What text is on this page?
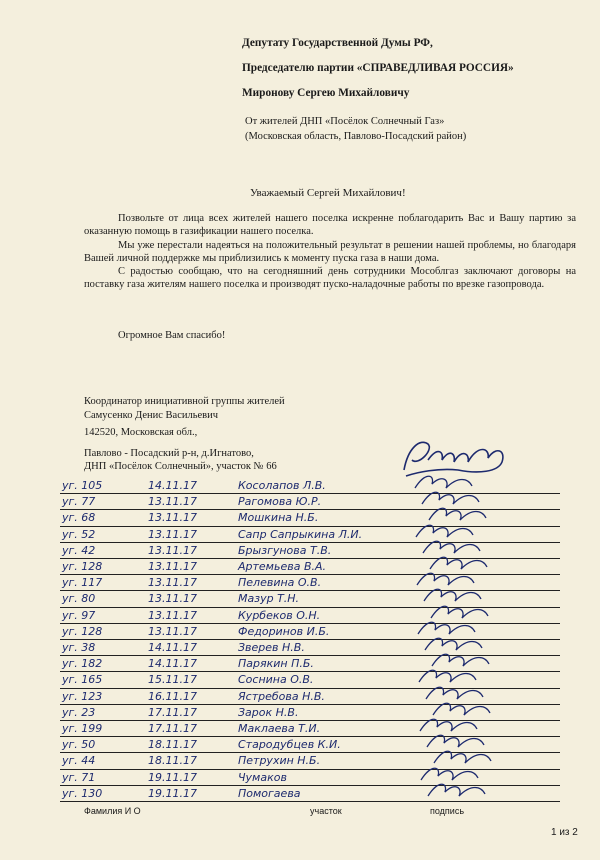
Депутату Государственной Думы РФ,
Председателю партии «СПРАВЕДЛИВАЯ РОССИЯ»
Миронову Сергею Михайловичу
От жителей ДНП «Посёлок Солнечный Газ»
(Московская область, Павлово-Посадский район)
Уважаемый Сергей Михайлович!

Позвольте от лица всех жителей нашего поселка искренне поблагодарить Вас и Вашу партию за оказанную помощь в газификации нашего поселка.

Мы уже перестали надеяться на положительный результат в решении нашей проблемы, но благодаря Вашей личной поддержке мы приблизились к моменту пуска газа в наши дома.

С радостью сообщаю, что на сегодняшний день сотрудники Мособлгаз заключают договоры на поставку газа жителям нашего поселка и производят пуско-наладочные работы по врезке газопровода.

Огромное Вам спасибо!
Координатор инициативной группы жителей
Самусенко Денис Васильевич
142520, Московская обл.,
Павлово - Посадский р-н, д.Игнатово,
ДНП «Посёлок Солнечный», участок № 66
уг. 105	14.11.17	Косолапов Л.В.
уг. 77	13.11.17	Рагомова Ю.Р.
уг. 68	13.11.17	Мошкина Н.Б.
уг. 52	13.11.17	Сапр Сапрыкина Л.И.
уг. 42	13.11.17	Брызгунова Т.В.
уг. 128	13.11.17	Артемьева В.А.
уг. 117	13.11.17	Пелевина О.В.
уг. 80	13.11.17	Мазур Т.Н.
уг. 97	13.11.17	Курбеков О.Н.
уг. 128	13.11.17	Федоринов И.Б.
уг. 38	14.11.17	Зверев Н.В.
уг. 182	14.11.17	Парякин П.Б.
уг. 165	15.11.17	Соснина О.В.
уг. 123	16.11.17	Ястребова Н.В.
уг. 23	17.11.17	Зарок Н.В.
уг. 199	17.11.17	Маклаева Т.И.
уг. 50	18.11.17	Стародубцев К.И.
уг. 44	18.11.17	Петрухин Н.Б.
уг. 71	19.11.17	Чумаков
уг. 130	19.11.17	Помогаева
Фамилия И О	участок	подпись
1 из 2
